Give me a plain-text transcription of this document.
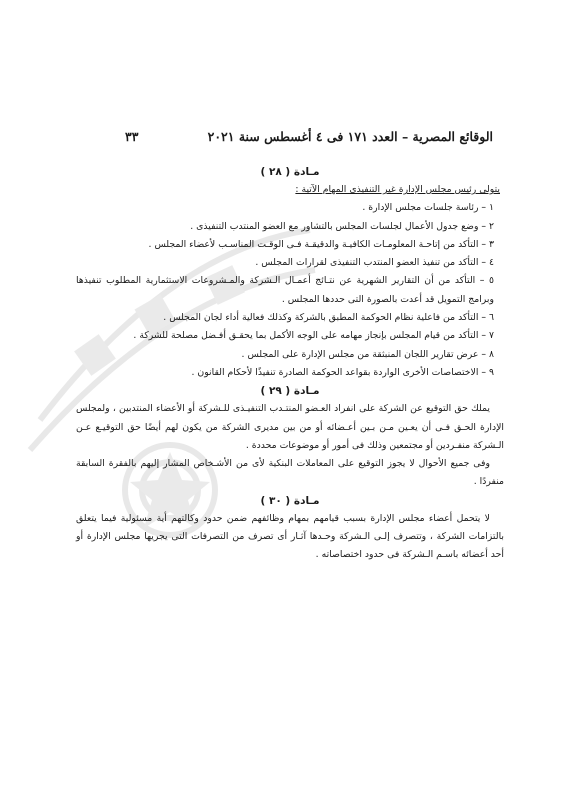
الوقائع المصرية – العدد ١٧١ فى ٤ أغسطس سنة ٢٠٢١
٣٣

مـادة ( ٢٨ )

يتولى رئيس مجلس الإدارة غير التنفيذى المهام الآتية :

١ – رئاسة جلسات مجلس الإدارة .

٢ – وضع جدول الأعمال لجلسات المجلس بالتشاور مع العضو المنتدب التنفيذى .

٣ – التأكد من إتاحـة المعلومـات الكافيـة والدقيقـة فـى الوقـت المناسـب لأعضاء المجلس .

٤ – التأكد من تنفيذ العضو المنتدب التنفيذى لقرارات المجلس .

٥ – التأكد من أن التقارير الشهرية عن نتـائج أعمـال الـشركة والمـشروعات الاستثمارية المطلوب تنفيذها وبرامج التمويل قد أعدت بالصورة التى حددها المجلس .

٦ – التأكد من فاعلية نظام الحوكمة المطبق بالشركة وكذلك فعالية أداء لجان المجلس .

٧ – التأكد من قيام المجلس بإنجاز مهامه على الوجه الأكمل بما يحقـق أفـضل مصلحة للشركة .

٨ – عرض تقارير اللجان المنبثقة من مجلس الإدارة على المجلس .

٩ – الاختصاصات الأخرى الواردة بقواعد الحوكمة الصادرة تنفيذًا لأحكام القانون .

مـادة ( ٢٩ )

يملك حق التوقيع عن الشركة على انفراد العـضو المنتـدب التنفيـذى للـشركة أو الأعضاء المنتدبين ، ولمجلس الإدارة الحـق فـى أن يعـين مـن بـين أعـضائه أو من بين مديرى الشركة من يكون لهم أيضًا حق التوقيـع عـن الـشركة منفـردين أو مجتمعين وذلك فى أمور أو موضوعات محددة .

وفى جميع الأحوال لا يجوز التوقيع على المعاملات البنكية لأى من الأشـخاص المشار إليهم بالفقرة السابقة منفردًا .

مـادة ( ٣٠ )

لا يتحمل أعضاء مجلس الإدارة بسبب قيامهم بمهام وظائفهم ضمن حدود وكالتهم أية مسئولية فيما يتعلق بالتزامات الشركة ، وتتصرف إلـى الـشركة وحـدها آثـار أى تصرف من التصرفات التى يجريها مجلس الإدارة أو أحد أعضائه باسـم الـشركة فى حدود اختصاصاته .
